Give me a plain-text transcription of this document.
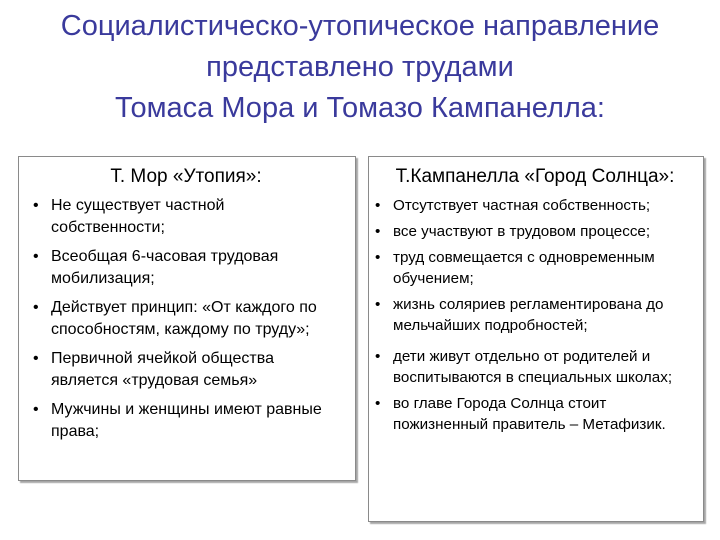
Социалистическо-утопическое направление
представлено трудами
Томаса Мора и Томазо Кампанелла:
Т. Мор «Утопия»:
• Не существует частной собственности;
• Всеобщая 6-часовая трудовая мобилизация;
• Действует принцип: «От каждого по способностям, каждому по труду»;
• Первичной ячейкой общества является «трудовая семья»
• Мужчины и женщины имеют равные права;
Т.Кампанелла «Город Солнца»:
• Отсутствует частная собственность;
• все участвуют в трудовом процессе;
• труд совмещается с одновременным обучением;
• жизнь соляриев регламентирована до мельчайших подробностей;
• дети живут отдельно от родителей и воспитываются в специальных школах;
• во главе Города Солнца стоит пожизненный правитель – Метафизик.
